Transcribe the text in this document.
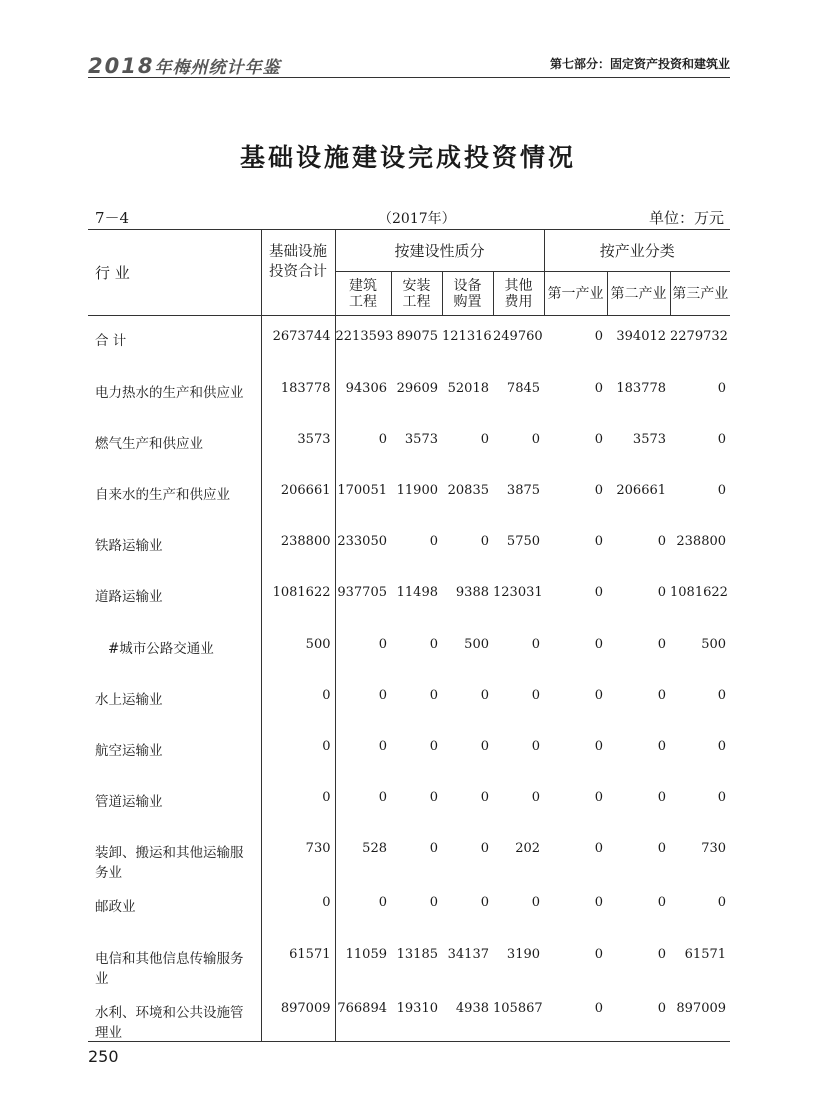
2018年梅州统计年鉴	第七部分：固定资产投资和建筑业
基础设施建设完成投资情况
7－4	（2017年）	单位：万元
行 业	基础设施投资合计	按建设性质分				按产业分类		
		建筑工程	安装工程	设备购置	其他费用	第一产业	第二产业	第三产业
合 计	2673744	2213593	89075	121316	249760	0	394012	2279732
电力热水的生产和供应业	183778	94306	29609	52018	7845	0	183778	0
燃气生产和供应业	3573	0	3573	0	0	0	3573	0
自来水的生产和供应业	206661	170051	11900	20835	3875	0	206661	0
铁路运输业	238800	233050	0	0	5750	0	0	238800
道路运输业	1081622	937705	11498	9388	123031	0	0	1081622
#城市公路交通业	500	0	0	500	0	0	0	500
水上运输业	0	0	0	0	0	0	0	0
航空运输业	0	0	0	0	0	0	0	0
管道运输业	0	0	0	0	0	0	0	0
装卸、搬运和其他运输服务业	730	528	0	0	202	0	0	730
邮政业	0	0	0	0	0	0	0	0
电信和其他信息传输服务业	61571	11059	13185	34137	3190	0	0	61571
水利、环境和公共设施管理业	897009	766894	19310	4938	105867	0	0	897009
250
